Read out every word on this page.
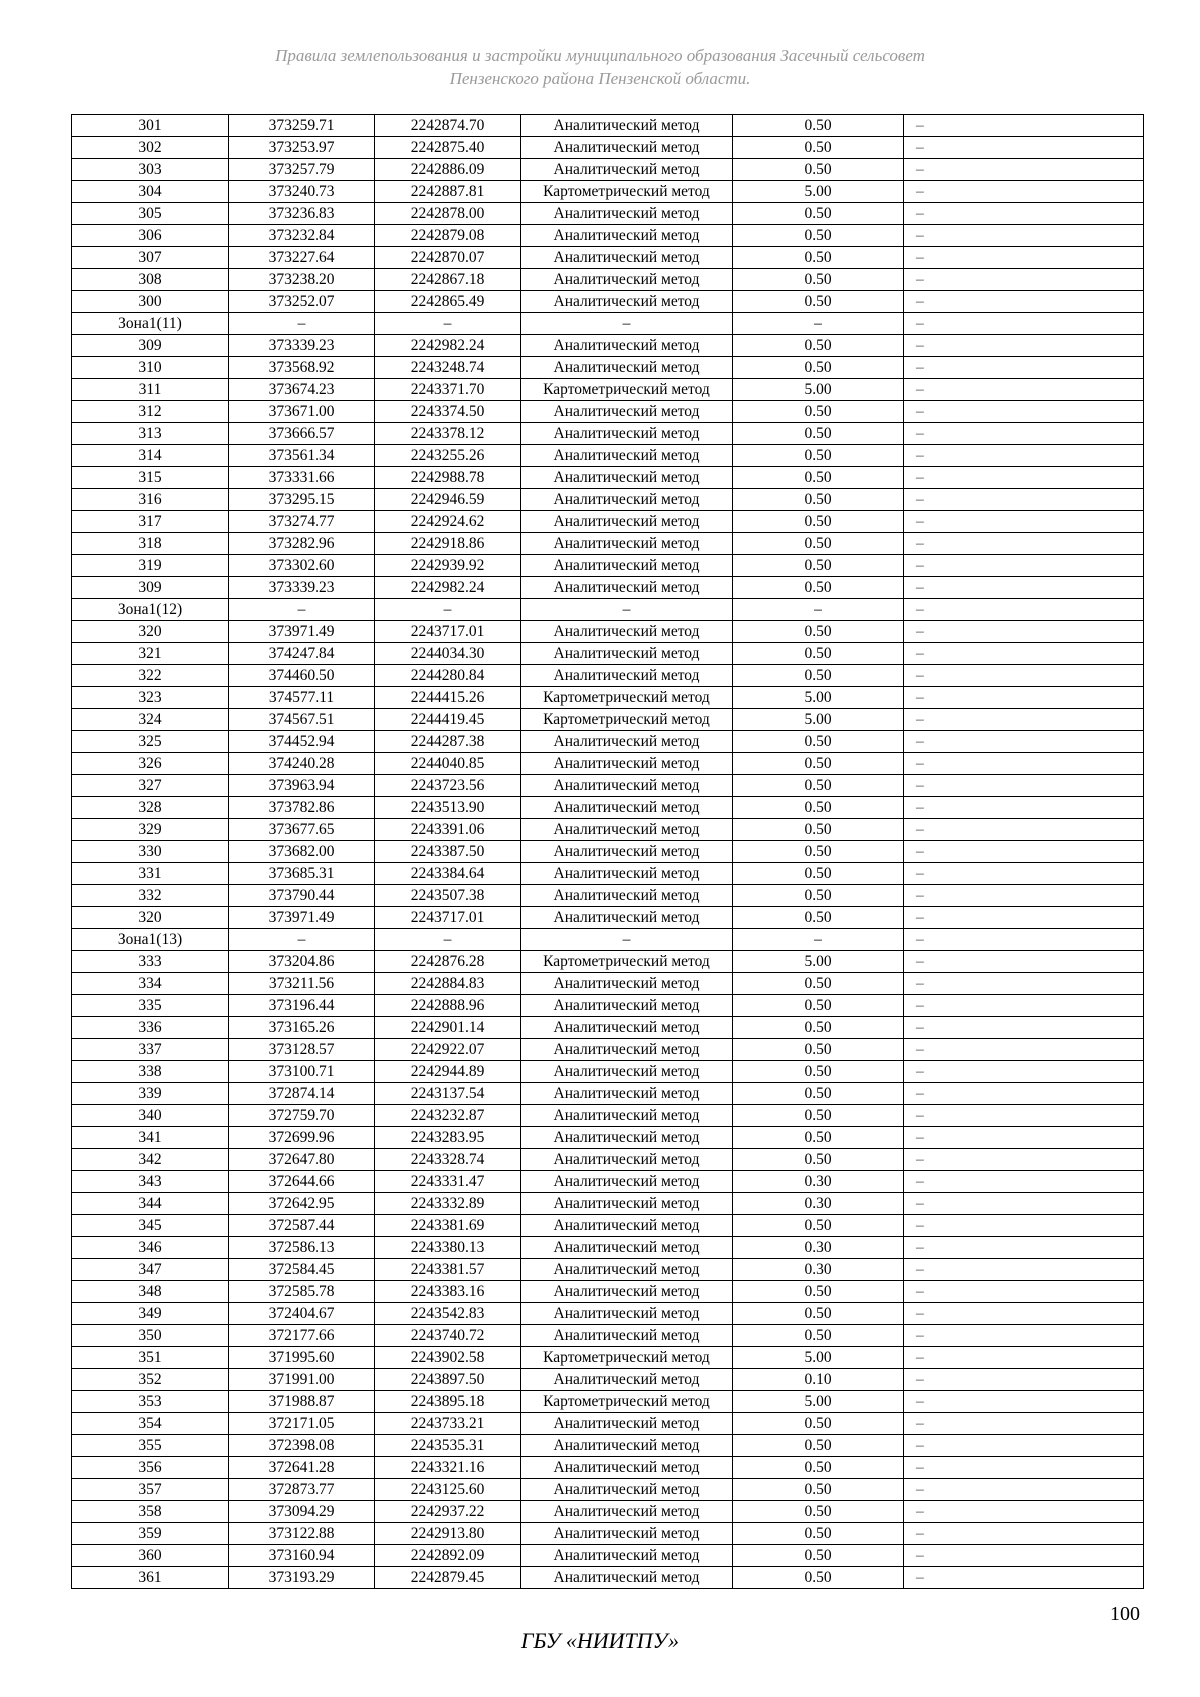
Правила землепользования и застройки муниципального образования Засечный сельсовет
Пензенского района Пензенской области.
301	373259.71	2242874.70	Аналитический метод	0.50	–
302	373253.97	2242875.40	Аналитический метод	0.50	–
303	373257.79	2242886.09	Аналитический метод	0.50	–
304	373240.73	2242887.81	Картометрический метод	5.00	–
305	373236.83	2242878.00	Аналитический метод	0.50	–
306	373232.84	2242879.08	Аналитический метод	0.50	–
307	373227.64	2242870.07	Аналитический метод	0.50	–
308	373238.20	2242867.18	Аналитический метод	0.50	–
300	373252.07	2242865.49	Аналитический метод	0.50	–
Зона1(11)	–	–	–	–	–
309	373339.23	2242982.24	Аналитический метод	0.50	–
310	373568.92	2243248.74	Аналитический метод	0.50	–
311	373674.23	2243371.70	Картометрический метод	5.00	–
312	373671.00	2243374.50	Аналитический метод	0.50	–
313	373666.57	2243378.12	Аналитический метод	0.50	–
314	373561.34	2243255.26	Аналитический метод	0.50	–
315	373331.66	2242988.78	Аналитический метод	0.50	–
316	373295.15	2242946.59	Аналитический метод	0.50	–
317	373274.77	2242924.62	Аналитический метод	0.50	–
318	373282.96	2242918.86	Аналитический метод	0.50	–
319	373302.60	2242939.92	Аналитический метод	0.50	–
309	373339.23	2242982.24	Аналитический метод	0.50	–
Зона1(12)	–	–	–	–	–
320	373971.49	2243717.01	Аналитический метод	0.50	–
321	374247.84	2244034.30	Аналитический метод	0.50	–
322	374460.50	2244280.84	Аналитический метод	0.50	–
323	374577.11	2244415.26	Картометрический метод	5.00	–
324	374567.51	2244419.45	Картометрический метод	5.00	–
325	374452.94	2244287.38	Аналитический метод	0.50	–
326	374240.28	2244040.85	Аналитический метод	0.50	–
327	373963.94	2243723.56	Аналитический метод	0.50	–
328	373782.86	2243513.90	Аналитический метод	0.50	–
329	373677.65	2243391.06	Аналитический метод	0.50	–
330	373682.00	2243387.50	Аналитический метод	0.50	–
331	373685.31	2243384.64	Аналитический метод	0.50	–
332	373790.44	2243507.38	Аналитический метод	0.50	–
320	373971.49	2243717.01	Аналитический метод	0.50	–
Зона1(13)	–	–	–	–	–
333	373204.86	2242876.28	Картометрический метод	5.00	–
334	373211.56	2242884.83	Аналитический метод	0.50	–
335	373196.44	2242888.96	Аналитический метод	0.50	–
336	373165.26	2242901.14	Аналитический метод	0.50	–
337	373128.57	2242922.07	Аналитический метод	0.50	–
338	373100.71	2242944.89	Аналитический метод	0.50	–
339	372874.14	2243137.54	Аналитический метод	0.50	–
340	372759.70	2243232.87	Аналитический метод	0.50	–
341	372699.96	2243283.95	Аналитический метод	0.50	–
342	372647.80	2243328.74	Аналитический метод	0.50	–
343	372644.66	2243331.47	Аналитический метод	0.30	–
344	372642.95	2243332.89	Аналитический метод	0.30	–
345	372587.44	2243381.69	Аналитический метод	0.50	–
346	372586.13	2243380.13	Аналитический метод	0.30	–
347	372584.45	2243381.57	Аналитический метод	0.30	–
348	372585.78	2243383.16	Аналитический метод	0.50	–
349	372404.67	2243542.83	Аналитический метод	0.50	–
350	372177.66	2243740.72	Аналитический метод	0.50	–
351	371995.60	2243902.58	Картометрический метод	5.00	–
352	371991.00	2243897.50	Аналитический метод	0.10	–
353	371988.87	2243895.18	Картометрический метод	5.00	–
354	372171.05	2243733.21	Аналитический метод	0.50	–
355	372398.08	2243535.31	Аналитический метод	0.50	–
356	372641.28	2243321.16	Аналитический метод	0.50	–
357	372873.77	2243125.60	Аналитический метод	0.50	–
358	373094.29	2242937.22	Аналитический метод	0.50	–
359	373122.88	2242913.80	Аналитический метод	0.50	–
360	373160.94	2242892.09	Аналитический метод	0.50	–
361	373193.29	2242879.45	Аналитический метод	0.50	–
100
ГБУ «НИИТПУ»
